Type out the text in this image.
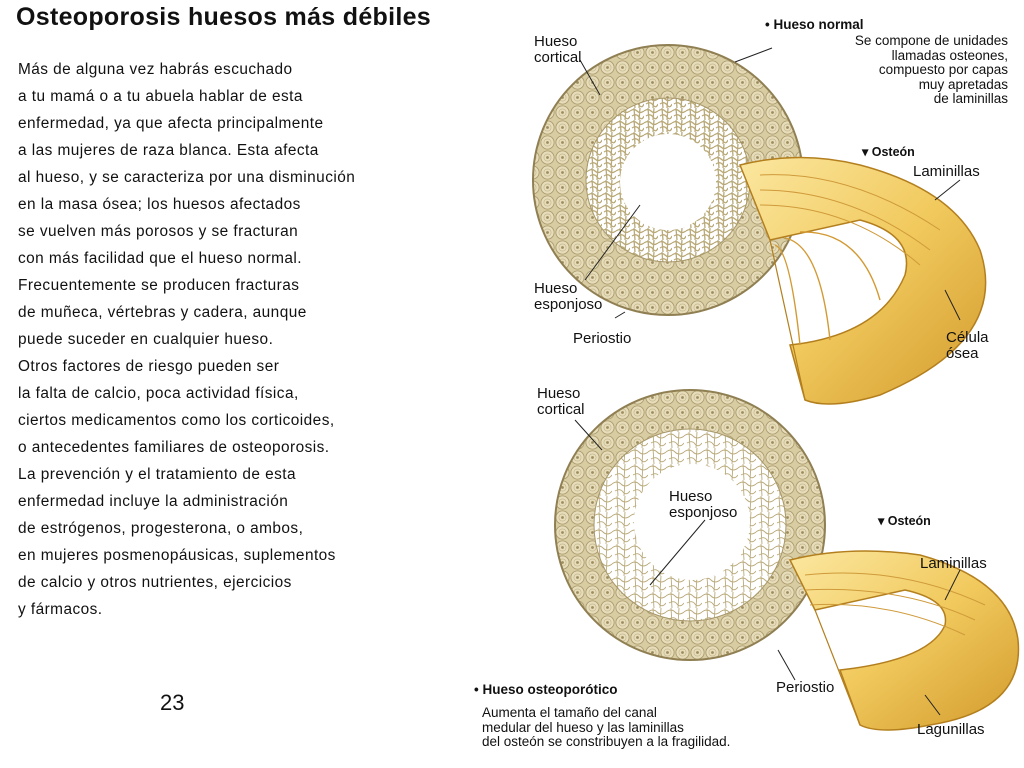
Osteoporosis huesos más débiles
Más de alguna vez habrás escuchado
a tu mamá o a tu abuela hablar de esta
enfermedad, ya que afecta principalmente
a las mujeres de raza blanca. Esta afecta
al hueso, y se caracteriza por una disminución
en la masa ósea; los huesos afectados
se vuelven más porosos y se fracturan
con más facilidad que el hueso normal.
Frecuentemente se producen fracturas
de muñeca, vértebras y cadera, aunque
puede suceder en cualquier hueso.
Otros factores de riesgo pueden ser
la falta de calcio, poca actividad física,
ciertos medicamentos como los corticoides,
o antecedentes familiares de osteoporosis.
La prevención y el tratamiento de esta
enfermedad incluye la administración
de estrógenos, progesterona, o ambos,
en mujeres posmenopáusicas, suplementos
de calcio y otros nutrientes, ejercicios
y fármacos.
23
Hueso
cortical
Hueso
esponjoso
Periostio
• Hueso normal
Se compone de unidades
llamadas osteones,
compuesto por capas
muy apretadas
de laminillas
▾ Osteón
Laminillas
Célula
ósea
Hueso
cortical
Hueso
esponjoso
Periostio
▾ Osteón
Laminillas
Lagunillas
• Hueso osteoporótico
Aumenta el tamaño del canal
medular del hueso y las laminillas
del osteón se constribuyen a la fragilidad.
